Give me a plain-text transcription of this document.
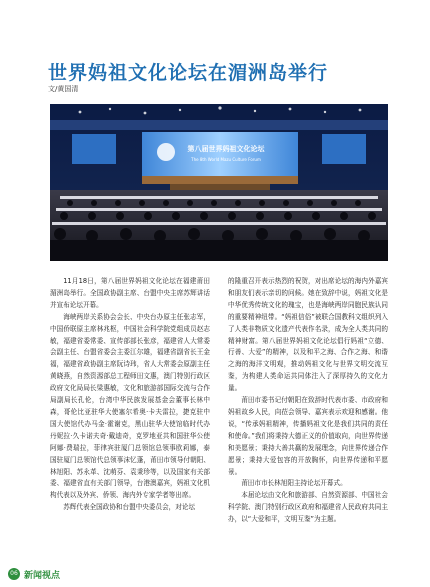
世界妈祖文化论坛在湄洲岛举行
文/黄国清
第八届世界妈祖文化论坛
The 8th World Mazu Culture Forum

11月18日，第八届世界妈祖文化论坛在福建莆田湄洲岛举行。全国政协副主席、台盟中央主席苏辉讲话并宣布论坛开幕。

海峡两岸关系协会会长、中央台办原主任张志军，中国侨联原主席林兆枢，中国社会科学院党组成员赵志敏，福建省委常委、宣传部部长张彦，福建省人大常委会副主任、台盟省委会主委江尔雄，福建省副省长王金福，福建省政协副主席阮诗玮，省人大常委会原副主任黄晓燕，自然资源部总工程师田文惠，澳门特别行政区政府文化局局长梁惠敏，文化和旅游部国际交流与合作局副局长孔伦，台湾中华民族发展基金会董事长林中森，哥伦比亚驻华大使塞尔希奥·卡夫雷拉，捷克驻中国大使馆代办马金·霍谢克，黑山驻华大使馆临时代办丹妮拉·久卡诺夫奇·戴迪奇，克罗地亚共和国驻华公使阿娜·费瑞拉，菲律宾驻厦门总领馆总领事欧莉娜，泰国驻厦门总领馆代总领事沫忆蓬，莆田市领导付朝阳、林旭阳、苏永革、沈萌芬、袁秉珍等，以及国家有关部委、福建省直有关部门领导，台港澳嘉宾，妈祖文化机构代表以及外宾、侨领、海内外专家学者等出席。

苏辉代表全国政协和台盟中央委员会，对论坛

的隆重召开表示热烈的祝贺，对出席论坛的海内外嘉宾和朋友们表示亲切的问候。她在致辞中说，妈祖文化是中华优秀传统文化的瑰宝，也是海峡两岸同胞民族认同的重要精神纽带。“妈祖信俗”被联合国教科文组织列入了人类非物质文化遗产代表作名录，成为全人类共同的精神财富。第八届世界妈祖文化论坛倡行妈祖“立德、行善、大爱”的精神，以及和平之海、合作之海、和谐之海的海洋文明观，推动妈祖文化与世界文明交流互鉴，为构建人类命运共同体注入了深厚持久的文化力量。

莆田市委书记付朝阳在致辞时代表市委、市政府和妈祖故乡人民，向莅会领导、嘉宾表示欢迎和感谢。他说，“传承妈祖精神，传播妈祖文化是我们共同的责任和使命。”我们将秉持大德正义的价值取向，向世界传递和美愿景；秉持大善共赢的发展理念，向世界传递合作愿景；秉持大爱包容的开放胸怀，向世界传递和平愿景。

莆田市市长林旭阳主持论坛开幕式。

本届论坛由文化和旅游部、自然资源部、中国社会科学院、澳门特别行政区政府和福建省人民政府共同主办，以“大爱和平，文明互鉴”为主题。

06 新闻视点
